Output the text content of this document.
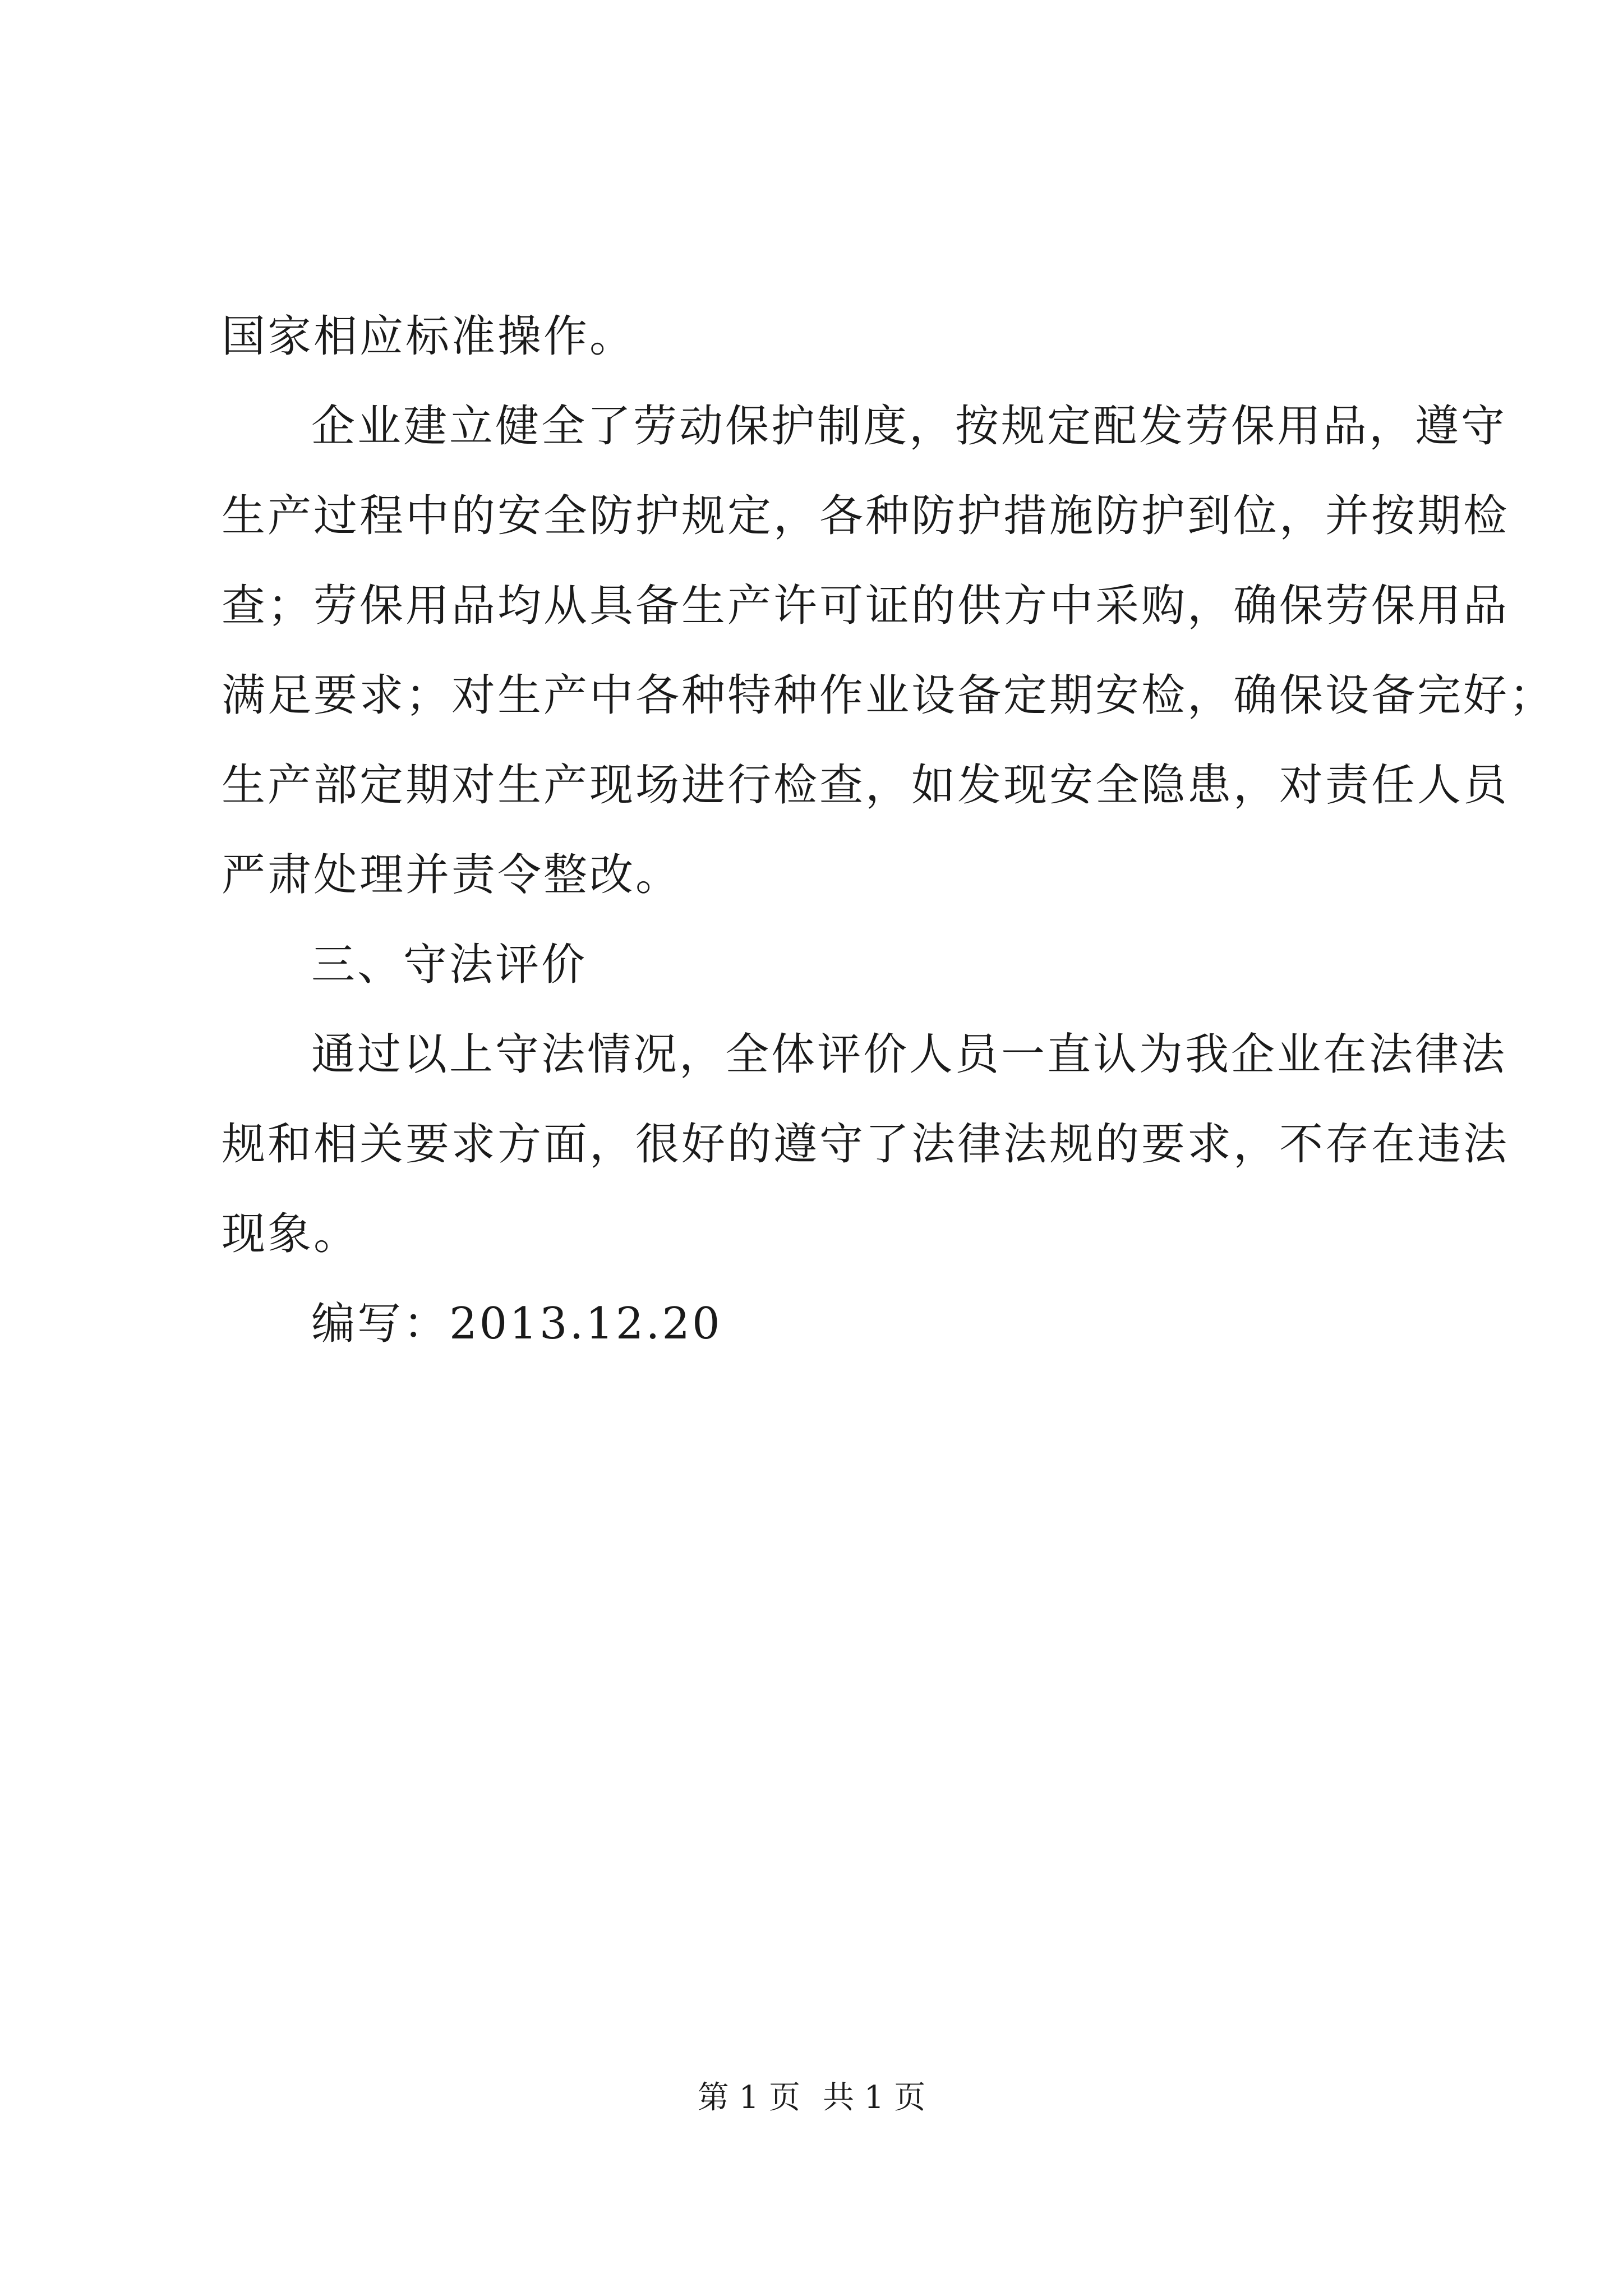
国家相应标准操作。
企业建立健全了劳动保护制度，按规定配发劳保用品，遵守
生产过程中的安全防护规定，各种防护措施防护到位，并按期检
查；劳保用品均从具备生产许可证的供方中采购，确保劳保用品
满足要求；对生产中各种特种作业设备定期安检，确保设备完好；
生产部定期对生产现场进行检查，如发现安全隐患，对责任人员
严肃处理并责令整改。
三、守法评价
通过以上守法情况，全体评价人员一直认为我企业在法律法
规和相关要求方面，很好的遵守了法律法规的要求，不存在违法
现象。
编写：2013.12.20
第 1 页 共 1 页
